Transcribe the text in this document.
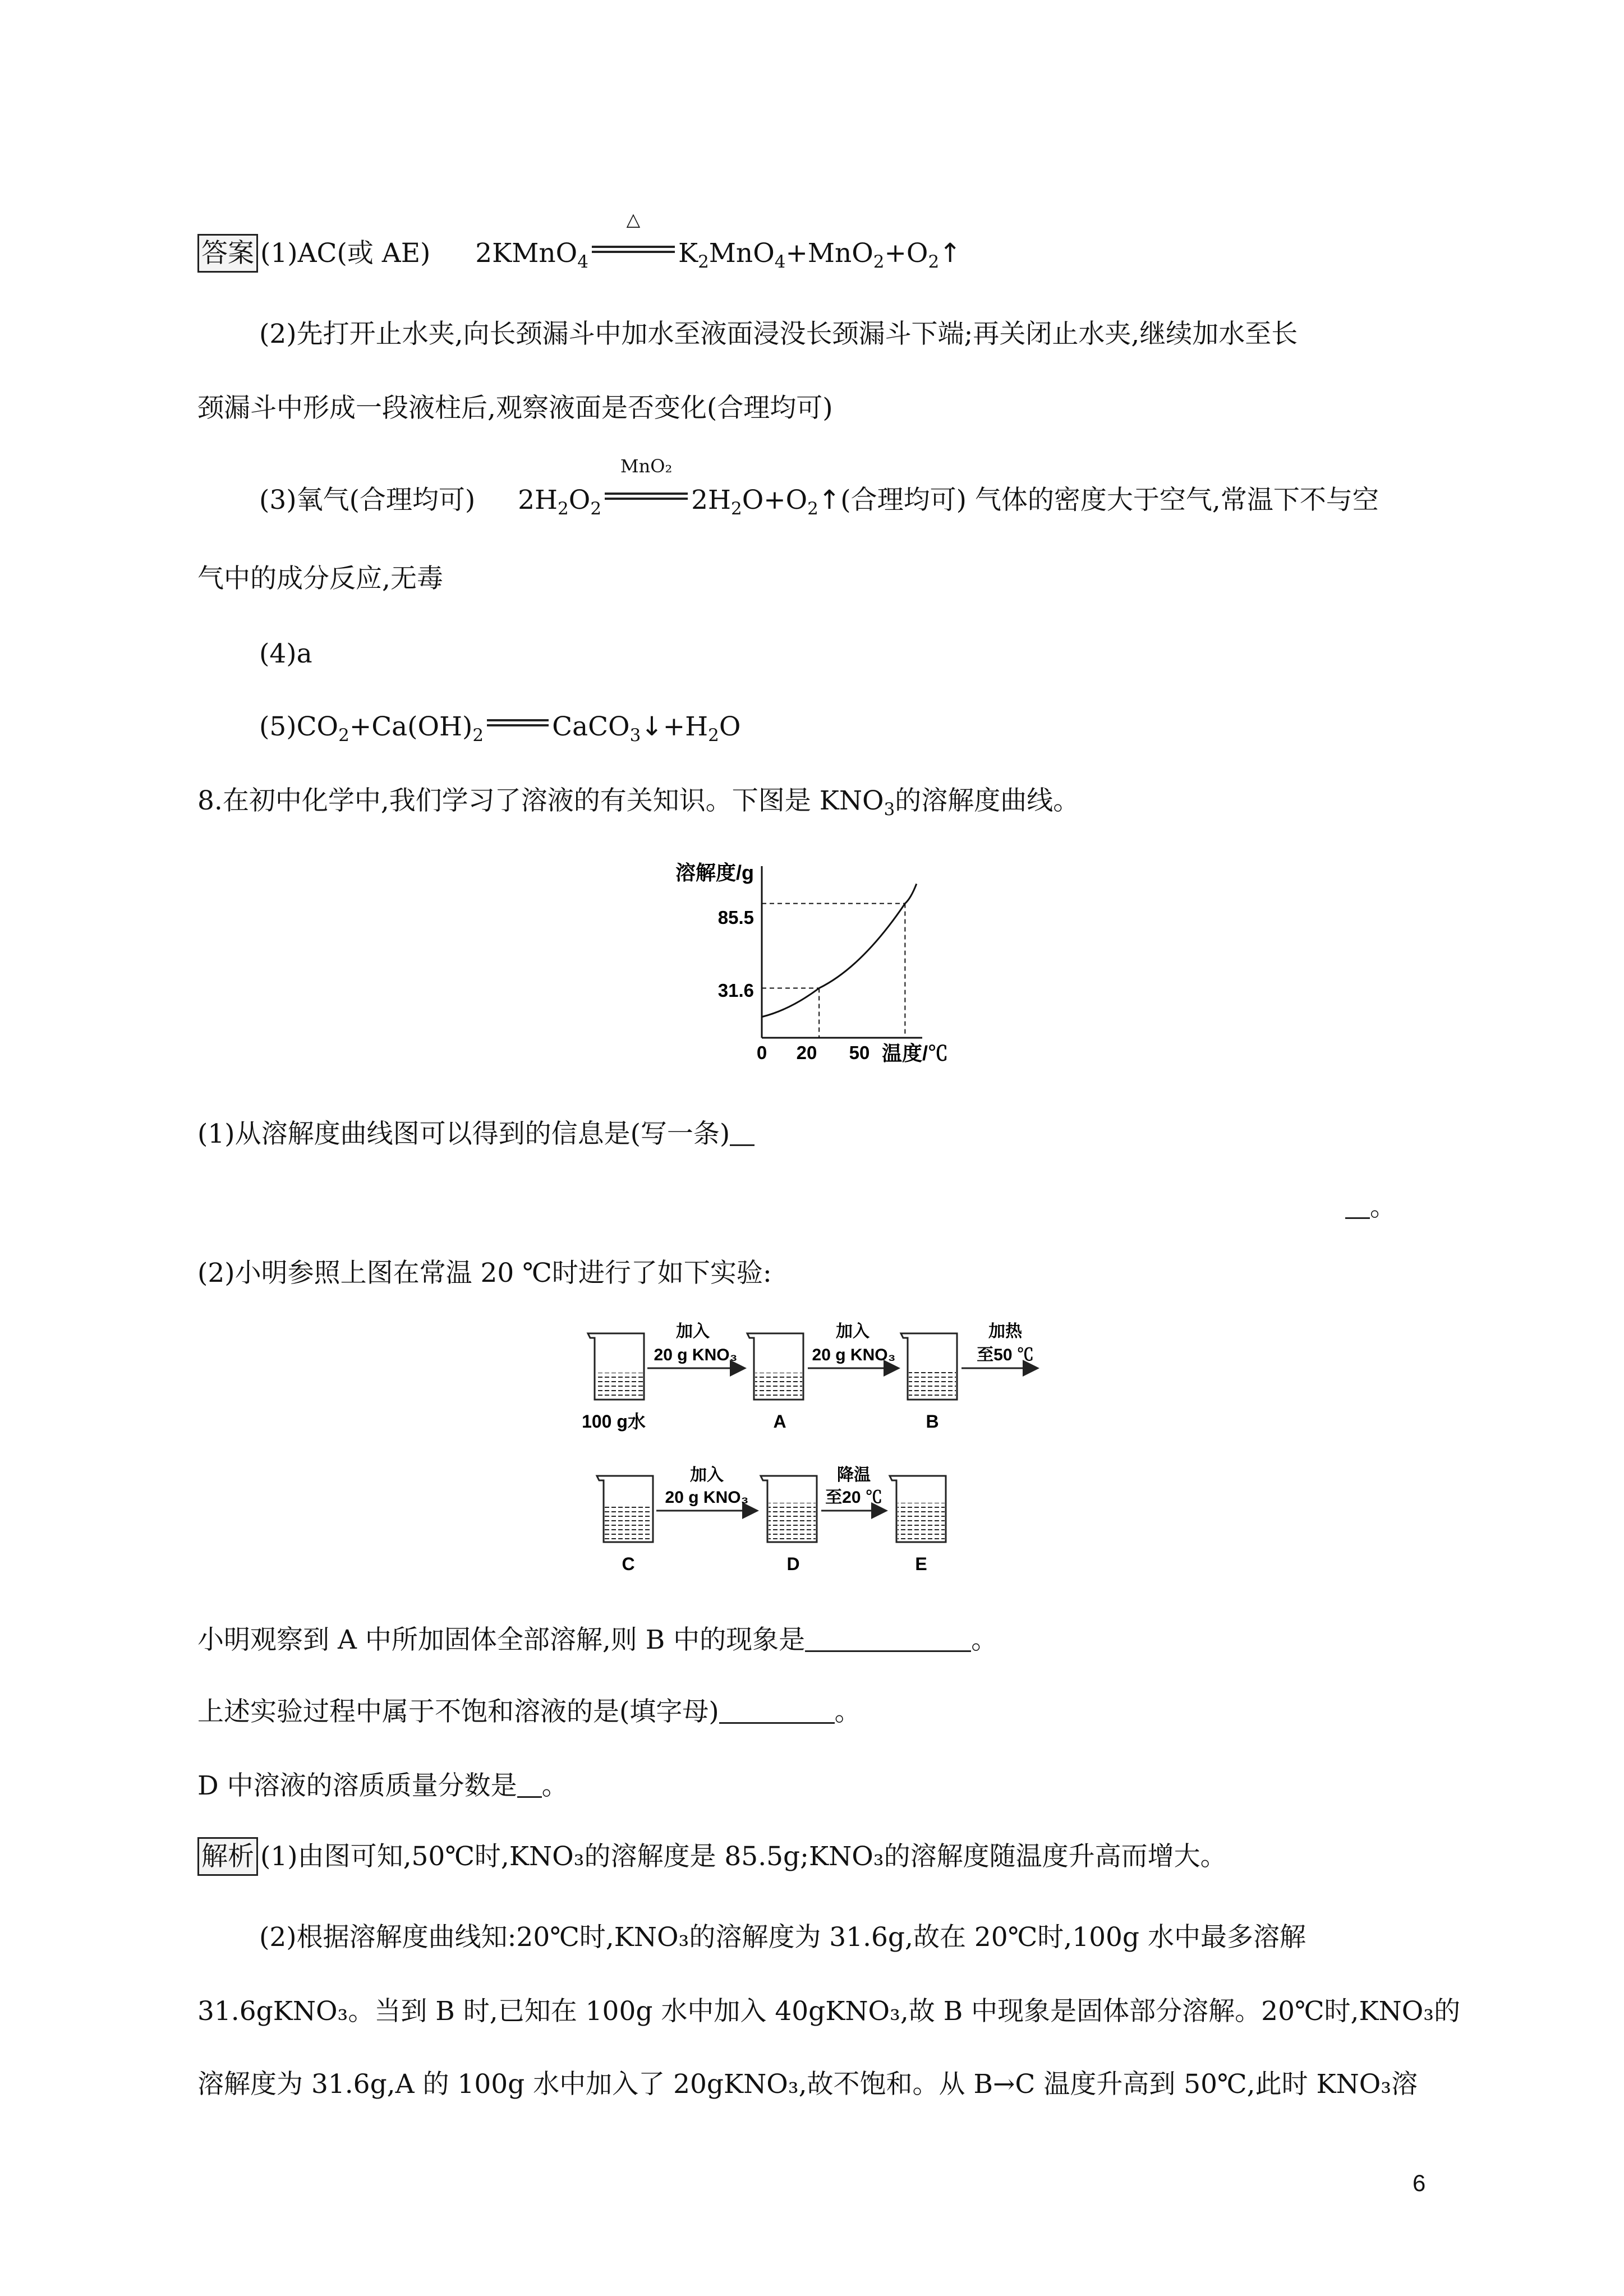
答案 (1)AC(或 AE) 2KMnO$_4$
△
$K_2MnO_4+MnO_2+O_2↑$
(2)先打开止水夹,向长颈漏斗中加水至液面浸没长颈漏斗下端;再关闭止水夹,继续加水至长
颈漏斗中形成一段液柱后,观察液面是否变化(合理均可)
(3)氧气(合理均可) $2H_2O_2$
MnO₂
$2H_2O+O_2↑$(合理均可) 气体的密度大于空气,常温下不与空
气中的成分反应,无毒
(4)a
$(5)CO_2+Ca(OH)_2$	$CaCO_3↓+H_2O$
8.在初中化学中,我们学习了溶液的有关知识。下图是 $KNO_3$的溶解度曲线。
溶解度/g
温度/℃
0 20 50
85.5
31.6
(1)从溶解度曲线图可以得到的信息是(写一条)
。
(2)小明参照上图在常温 20 ℃时进行了如下实验:
加入
20 g KNO₃
加入
20 g KNO₃
加热
至50 ℃
100 g水	A	B
加入
20 g KNO₃
降温
至20 ℃
C	D	E
小明观察到 A 中所加固体全部溶解,则 B 中的现象是	。
上述实验过程中属于不饱和溶液的是(填字母)	。
D 中溶液的溶质质量分数是 。
解析 (1)由图可知,50℃时,KNO₃的溶解度是 85.5g;KNO₃的溶解度随温度升高而增大。
(2)根据溶解度曲线知:20℃时,KNO₃的溶解度为 31.6g,故在 20℃时,100g 水中最多溶解
31.6gKNO₃。当到 B 时,已知在 100g 水中加入 40gKNO₃,故 B 中现象是固体部分溶解。20℃时,KNO₃的
溶解度为 31.6g,A 的 100g 水中加入了 20gKNO₃,故不饱和。从 B→C 温度升高到 50℃,此时 KNO₃溶
6
